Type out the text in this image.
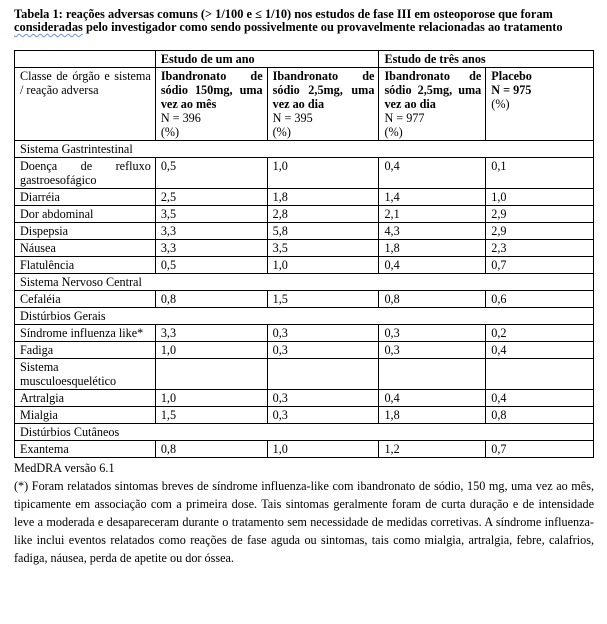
Tabela 1: reações adversas comuns (> 1/100 e ≤ 1/10) nos estudos de fase III em osteoporose que foram
consideradas pelo investigador como sendo possivelmente ou provavelmente relacionadas ao tratamento
	Estudo de um ano		Estudo de três anos	
Classe de órgão e sistema / reação adversa	Ibandronato de sódio 150mg, uma vez ao mês
N = 396
(%)	Ibandronato de sódio 2,5mg, uma vez ao dia
N = 395
(%)	Ibandronato de sódio 2,5mg, uma vez ao dia
N = 977
(%)	Placebo
N = 975
(%)
Sistema Gastrintestinal				
Doença de refluxo gastroesofágico	0,5	1,0	0,4	0,1
Diarréia	2,5	1,8	1,4	1,0
Dor abdominal	3,5	2,8	2,1	2,9
Dispepsia	3,3	5,8	4,3	2,9
Náusea	3,3	3,5	1,8	2,3
Flatulência	0,5	1,0	0,4	0,7
Sistema Nervoso Central				
Cefaléia	0,8	1,5	0,8	0,6
Distúrbios Gerais				
Síndrome influenza like*	3,3	0,3	0,3	0,2
Fadiga	1,0	0,3	0,3	0,4
Sistema musculoesquelético				
Artralgia	1,0	0,3	0,4	0,4
Mialgia	1,5	0,3	1,8	0,8
Distúrbios Cutâneos				
Exantema	0,8	1,0	1,2	0,7
MedDRA versão 6.1
(*) Foram relatados sintomas breves de síndrome influenza-like com ibandronato de sódio, 150 mg, uma vez ao mês, tipicamente em associação com a primeira dose. Tais sintomas geralmente foram de curta duração e de intensidade leve a moderada e desapareceram durante o tratamento sem necessidade de medidas corretivas. A síndrome influenza-like inclui eventos relatados como reações de fase aguda ou sintomas, tais como mialgia, artralgia, febre, calafrios, fadiga, náusea, perda de apetite ou dor óssea.
